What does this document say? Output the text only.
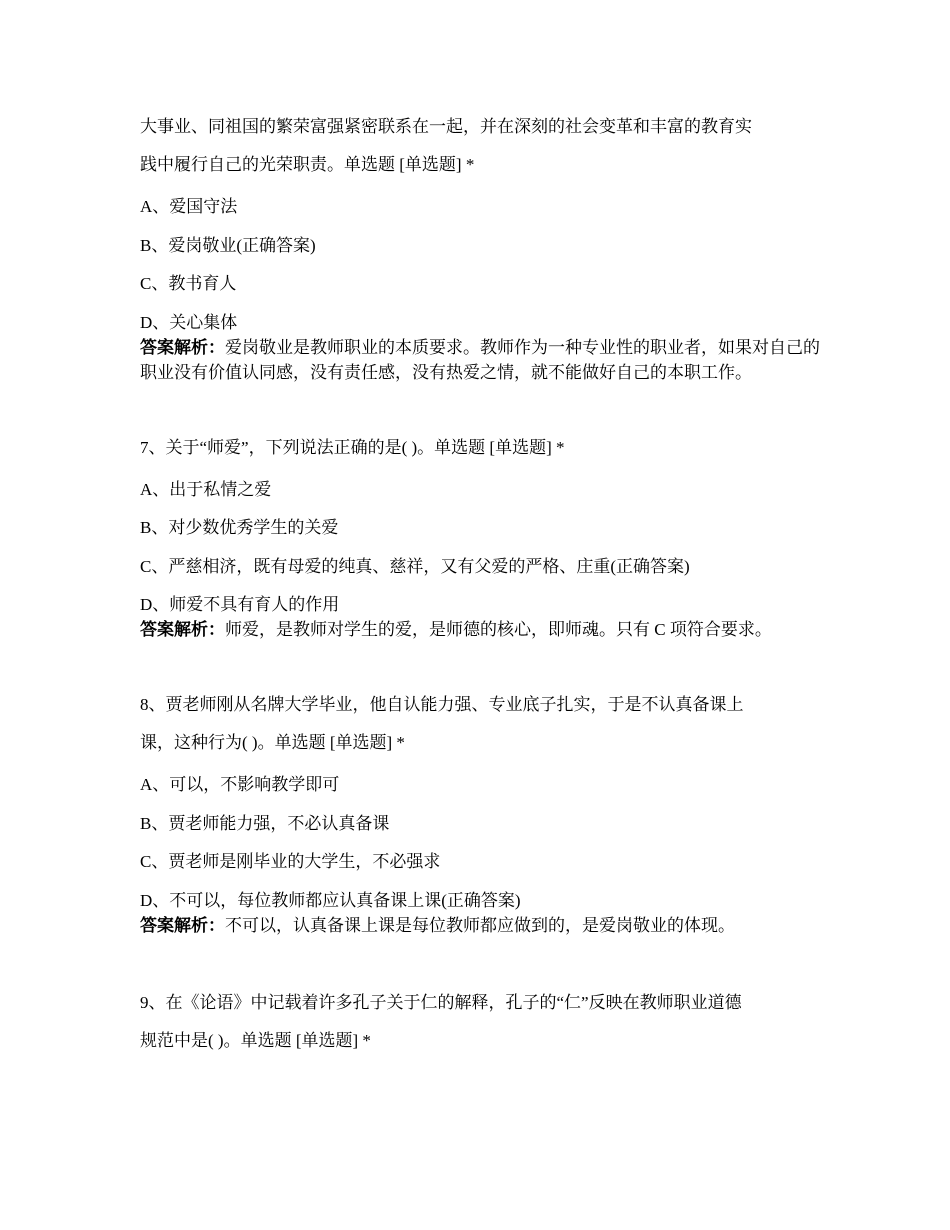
大事业、同祖国的繁荣富强紧密联系在一起，并在深刻的社会变革和丰富的教育实

践中履行自己的光荣职责。单选题 [单选题] *

A、爱国守法

B、爱岗敬业(正确答案)

C、教书育人

D、关心集体

答案解析：爱岗敬业是教师职业的本质要求。教师作为一种专业性的职业者，如果对自己的职业没有价值认同感，没有责任感，没有热爱之情，就不能做好自己的本职工作。

7、关于“师爱”，下列说法正确的是( )。单选题 [单选题] *

A、出于私情之爱

B、对少数优秀学生的关爱

C、严慈相济，既有母爱的纯真、慈祥，又有父爱的严格、庄重(正确答案)

D、师爱不具有育人的作用

答案解析：师爱，是教师对学生的爱，是师德的核心，即师魂。只有 C 项符合要求。

8、贾老师刚从名牌大学毕业，他自认能力强、专业底子扎实，于是不认真备课上

课，这种行为( )。单选题 [单选题] *

A、可以，不影响教学即可

B、贾老师能力强，不必认真备课

C、贾老师是刚毕业的大学生，不必强求

D、不可以，每位教师都应认真备课上课(正确答案)

答案解析：不可以，认真备课上课是每位教师都应做到的，是爱岗敬业的体现。

9、在《论语》中记载着许多孔子关于仁的解释，孔子的“仁”反映在教师职业道德

规范中是( )。单选题 [单选题] *
